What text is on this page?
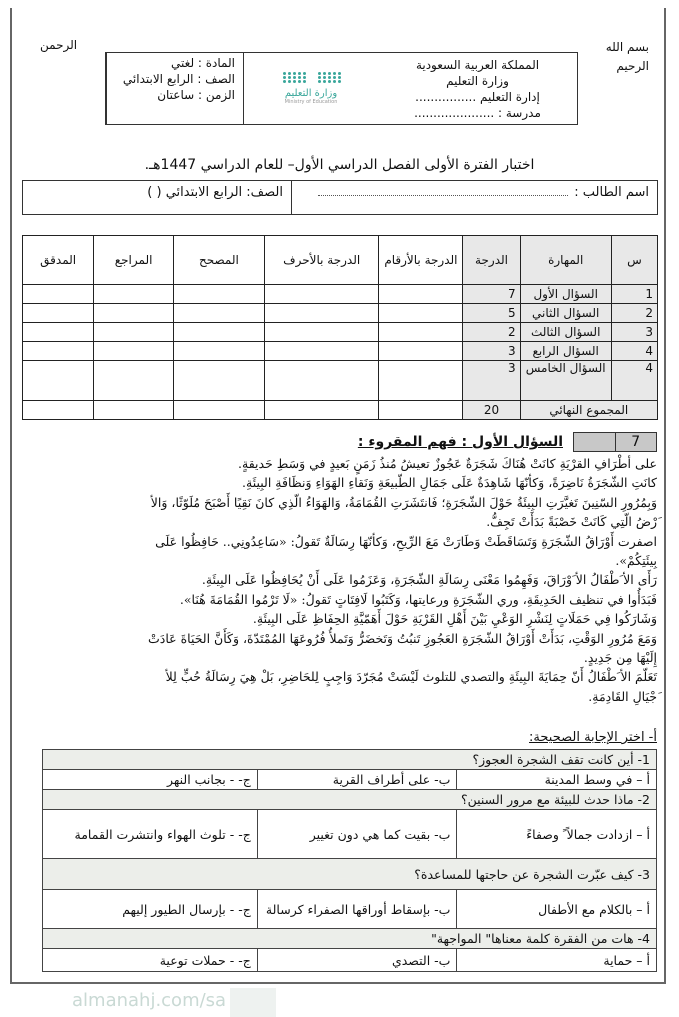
بسم الله
الرحيم
الرحمن
المملكة العربية السعودية
وزارة التعليم
إدارة التعليم ................
مدرسة : .....................
وزارة التعليم
Ministry of Education
المادة : لغتي
الصف : الرابع الابتدائي
الزمن : ساعتان
اختبار الفترة الأولى الفصل الدراسي الأول– للعام الدراسي 1447هـ.
اسم الطالب :
الصف: الرابع الابتدائي ( )
س	المهارة	الدرجة	الدرجة بالأرقام	الدرجة بالأحرف	المصحح	المراجع	المدقق
1	السؤال الأول	7					
2	السؤال الثاني	5					
3	السؤال الثالث	2					
4	السؤال الرابع	3					
4	السؤال الخامس	3					
المجموع النهائي		20					
7
السؤال الأول : فهم المقروء :
على أطْرَافِ القرْيَةِ كانَتْ هُنَاكَ شَجَرَةٌ عَجُوزٌ تعيشُ مُنذُ زَمَنٍ بَعيدٍ في وَسَطِ حَديقةٍ.
كانَتِ الشّجَرَةُ نَاضِرَةً، وَكأنّهَا شَاهِدَةٌ عَلَى جَمَالِ الطّبيعَةِ وَنَقاءِ الهَوَاءِ وَنظَافَةِ البِيئَةِ.
وَبِمُرُورِ السّنِينَ تَغيَّرَتِ البِيئَةُ حَوْلَ الشّجَرَةِ؛ فَانتَشَرَتِ القُمَامَةُ، وَالهَوَاءُ الّذِي كانَ نَقِيًا أَصْبَحَ مُلَوّثًا، وَالأ
َرْضُ الّتِي كَانَتْ خَصْبَةً بَدَأَتْ تَجِفُّ.
اصفرت أَوْرَاقُ الشّجَرَةِ وَتَسَاقَطَتْ وَطَارَتْ مَعَ الرِّيحِ، وَكأنّهَا رِسَالَةٌ تَقولُ: «سَاعِدُونِي.. حَافِظُوا عَلَى
بِيئَتِكُمْ».
رَأَى الأ َطْفَالُ الأ َوْرَاقَ، وَفَهِمُوا مَعْنَى رِسَالَةِ الشّجَرَةِ، وَعَزَمُوا عَلَى أَنْ يُحَافِظُوا عَلَى البِيئَةِ.
فَبَدَأُوا في تنظيف الحَدِيقَةِ، وري الشّجَرَةِ ورعايتها، وَكَتَبُوا لَافِتَاتٍ تَقولُ: «لَا تَرْمُوا القُمَامَةَ هُنَا».
وَشَارَكُوا فِي حَمَلَاتٍ لِنَشْرِ الوَعْيِ بَيْنَ أَهْلِ القَرْيَةِ حَوْلَ أَهَمّيَّةِ الحِفَاظِ عَلَى البِيئَةِ.
وَمَعَ مُرُورِ الوَقْتِ، بَدَأَتْ أَوْرَاقُ الشّجَرَةِ العَجُوزِ تَنبُتُ وَتَخضَرُّ وَتَملأُ فُرُوعَهَا المُمْتَدّةَ، وَكَأَنَّ الحَيَاةَ عَادَتْ
إِلَيْهَا مِن جَدِيدٍ.
تَعَلّمَ الأ َطْفَالُ أَنّ حِمَايَةَ البِيئَةِ والتصدي للتلوث لَيْسَتْ مُجَرّدَ وَاجِبٍ لِلحَاضِرِ، بَلْ هِيَ رِسَالَةُ حُبٍّ لِلأ
َجْيَالِ القَادِمَةِ.
أ- اختر الإجابة الصحيحة:
1- أين كانت تقف الشجرة العجوز؟		
أ – في وسط المدينة	ب- على أطراف القرية	ج- - بجانب النهر
2- ماذا حدث للبيئة مع مرور السنين؟		
أ – ازدادت جمالاً ً وصفاءً	ب- بقيت كما هي دون تغيير	ج- - تلوث الهواء وانتشرت القمامة
3- كيف عبّرت الشجرة عن حاجتها للمساعدة؟		
أ – بالكلام مع الأطفال	ب- بإسقاط أوراقها الصفراء كرسالة	ج- - بإرسال الطيور إليهم
4- هات من الفقرة كلمة معناها" المواجهة"		
أ – حماية	ب- التصدي	ج- - حملات توعية
almanahj.com/sa
